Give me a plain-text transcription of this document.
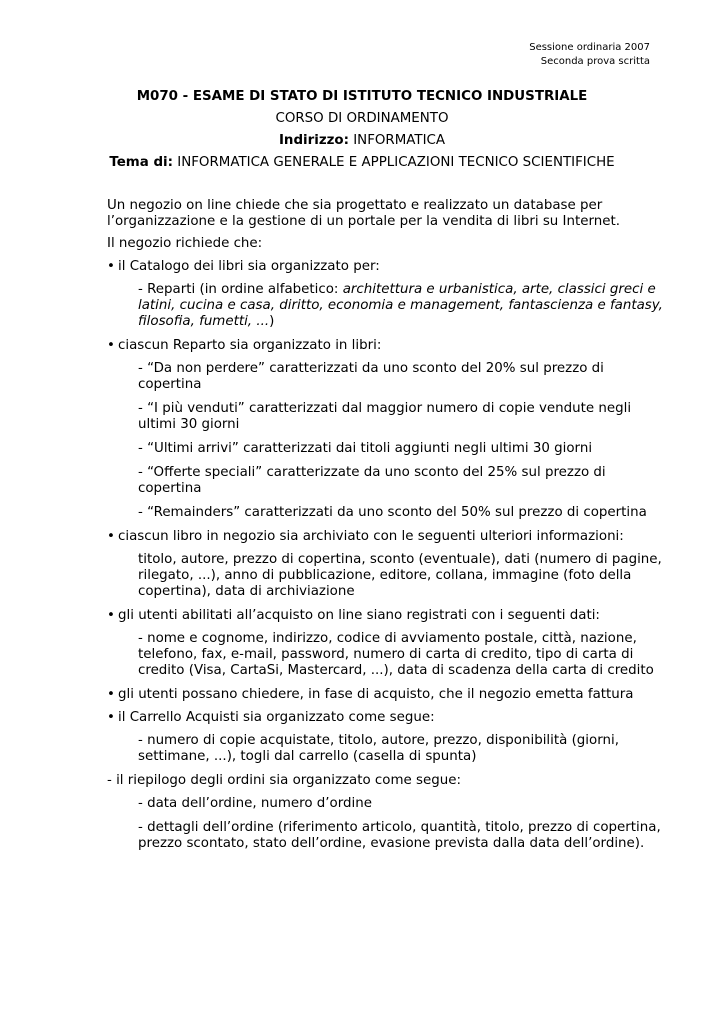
Sessione ordinaria 2007
Seconda prova scritta
M070 - ESAME DI STATO DI ISTITUTO TECNICO INDUSTRIALE
CORSO DI ORDINAMENTO
Indirizzo: INFORMATICA
Tema di: INFORMATICA GENERALE E APPLICAZIONI TECNICO SCIENTIFICHE

Un negozio on line chiede che sia progettato e realizzato un database per l’organizzazione e la gestione di un portale per la vendita di libri su Internet.

Il negozio richiede che:

• il Catalogo dei libri sia organizzato per:

- Reparti (in ordine alfabetico: architettura e urbanistica, arte, classici greci e latini, cucina e casa, diritto, economia e management, fantascienza e fantasy, filosofia, fumetti, ...)

• ciascun Reparto sia organizzato in libri:

- “Da non perdere” caratterizzati da uno sconto del 20% sul prezzo di copertina

- “I più venduti” caratterizzati dal maggior numero di copie vendute negli ultimi 30 giorni

- “Ultimi arrivi” caratterizzati dai titoli aggiunti negli ultimi 30 giorni

- “Offerte speciali” caratterizzate da uno sconto del 25% sul prezzo di copertina

- “Remainders” caratterizzati da uno sconto del 50% sul prezzo di copertina

• ciascun libro in negozio sia archiviato con le seguenti ulteriori informazioni:

titolo, autore, prezzo di copertina, sconto (eventuale), dati (numero di pagine, rilegato, ...), anno di pubblicazione, editore, collana, immagine (foto della copertina), data di archiviazione

• gli utenti abilitati all’acquisto on line siano registrati con i seguenti dati:

- nome e cognome, indirizzo, codice di avviamento postale, città, nazione, telefono, fax, e-mail, password, numero di carta di credito, tipo di carta di credito (Visa, CartaSi, Mastercard, ...), data di scadenza della carta di credito

• gli utenti possano chiedere, in fase di acquisto, che il negozio emetta fattura

• il Carrello Acquisti sia organizzato come segue:

- numero di copie acquistate, titolo, autore, prezzo, disponibilità (giorni, settimane, ...), togli dal carrello (casella di spunta)

- il riepilogo degli ordini sia organizzato come segue:

- data dell’ordine, numero d’ordine

- dettagli dell’ordine (riferimento articolo, quantità, titolo, prezzo di copertina, prezzo scontato, stato dell’ordine, evasione prevista dalla data dell’ordine).
